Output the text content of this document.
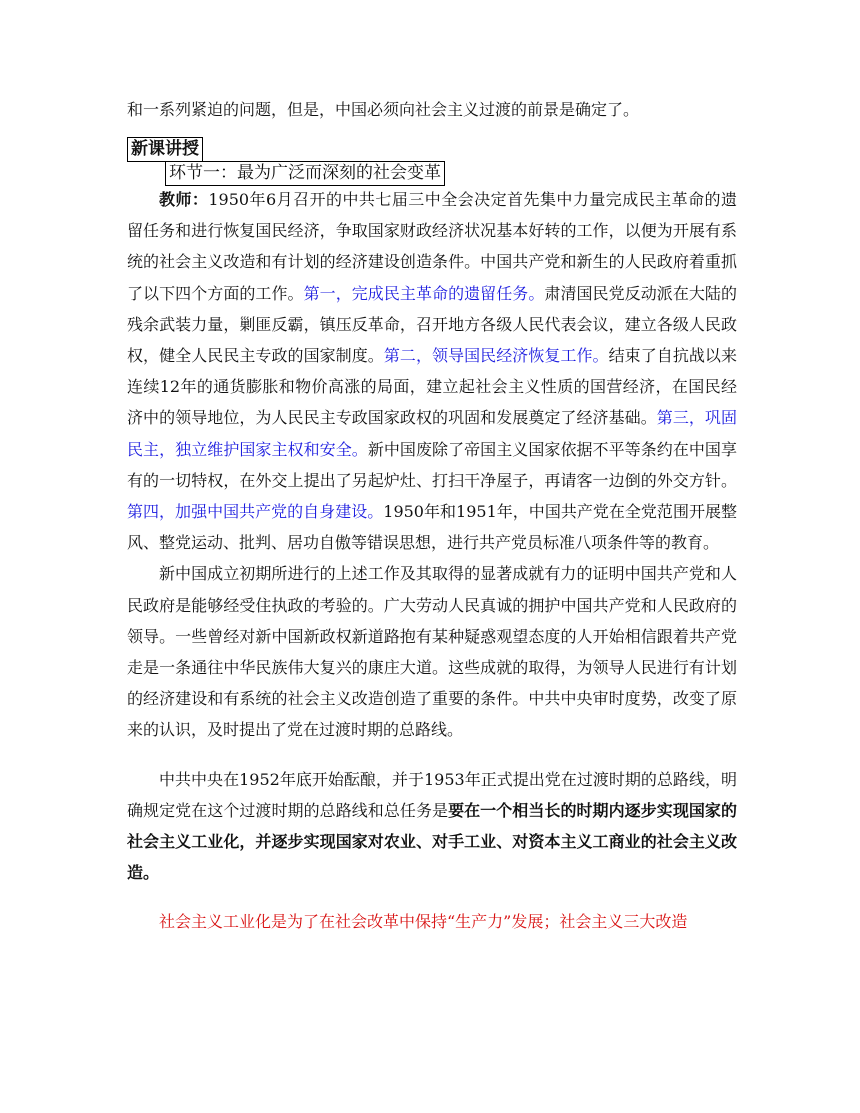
和一系列紧迫的问题，但是，中国必须向社会主义过渡的前景是确定了。
新课讲授
环节一：最为广泛而深刻的社会变革

教师：1950年6月召开的中共七届三中全会决定首先集中力量完成民主革命的遗留任务和进行恢复国民经济，争取国家财政经济状况基本好转的工作，以便为开展有系统的社会主义改造和有计划的经济建设创造条件。中国共产党和新生的人民政府着重抓了以下四个方面的工作。第一，完成民主革命的遗留任务。肃清国民党反动派在大陆的残余武装力量，剿匪反霸，镇压反革命，召开地方各级人民代表会议，建立各级人民政权，健全人民民主专政的国家制度。第二，领导国民经济恢复工作。结束了自抗战以来连续12年的通货膨胀和物价高涨的局面，建立起社会主义性质的国营经济，在国民经济中的领导地位，为人民民主专政国家政权的巩固和发展奠定了经济基础。第三，巩固民主，独立维护国家主权和安全。新中国废除了帝国主义国家依据不平等条约在中国享有的一切特权，在外交上提出了另起炉灶、打扫干净屋子，再请客一边倒的外交方针。第四，加强中国共产党的自身建设。1950年和1951年，中国共产党在全党范围开展整风、整党运动、批判、居功自傲等错误思想，进行共产党员标准八项条件等的教育。

新中国成立初期所进行的上述工作及其取得的显著成就有力的证明中国共产党和人民政府是能够经受住执政的考验的。广大劳动人民真诚的拥护中国共产党和人民政府的领导。一些曾经对新中国新政权新道路抱有某种疑惑观望态度的人开始相信跟着共产党走是一条通往中华民族伟大复兴的康庄大道。这些成就的取得，为领导人民进行有计划的经济建设和有系统的社会主义改造创造了重要的条件。中共中央审时度势，改变了原来的认识，及时提出了党在过渡时期的总路线。

中共中央在1952年底开始酝酿，并于1953年正式提出党在过渡时期的总路线，明确规定党在这个过渡时期的总路线和总任务是要在一个相当长的时期内逐步实现国家的社会主义工业化，并逐步实现国家对农业、对手工业、对资本主义工商业的社会主义改造。

社会主义工业化是为了在社会改革中保持“生产力”发展；社会主义三大改造
